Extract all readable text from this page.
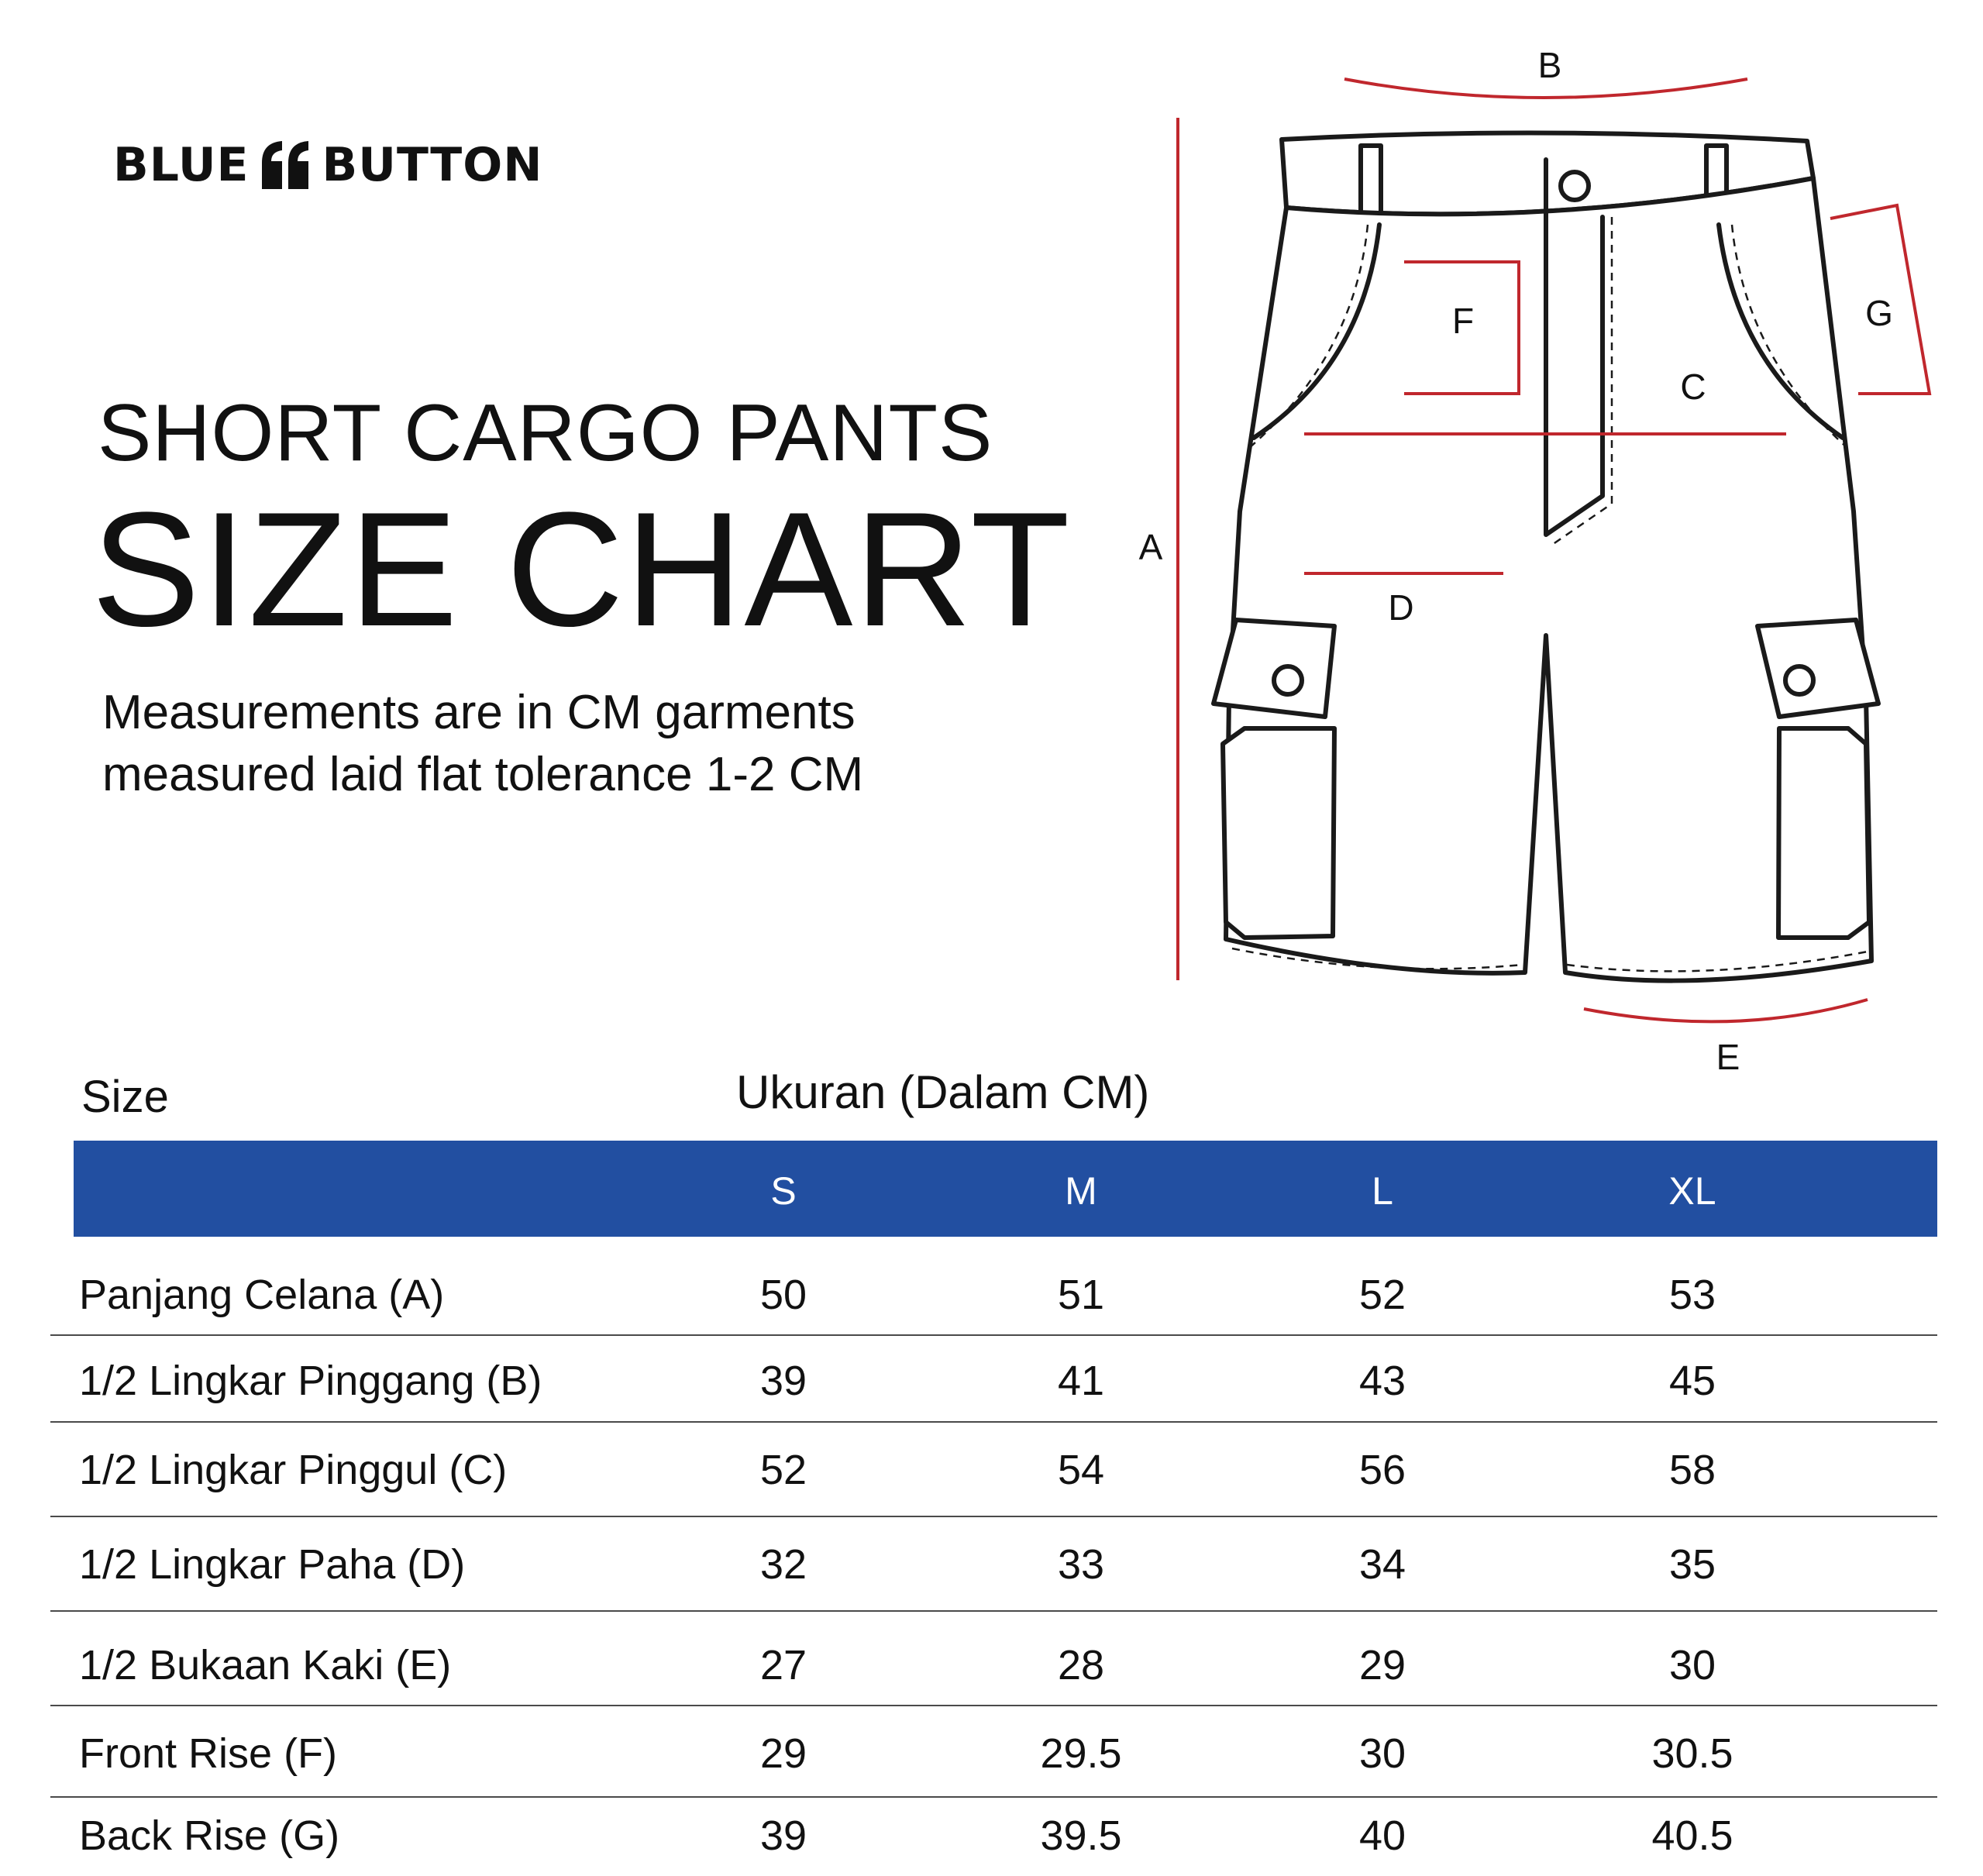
BLUE BUTTON
SHORT CARGO PANTS
SIZE CHART
Measurements are in CM garments
measured laid flat tolerance 1-2 CM
A
B
C
D
E
F	G
Size	Ukuran (Dalam CM)
S	M	L	XL
Panjang Celana (A)	50	51	52	53
1/2 Lingkar Pinggang (B)	39	41	43	45
1/2 Lingkar Pinggul (C)	52	54	56	58
1/2 Lingkar Paha (D)	32	33	34	35
1/2 Bukaan Kaki (E)	27	28	29	30
Front Rise (F)	29	29.5	30	30.5
Back Rise (G)	39	39.5	40	40.5
